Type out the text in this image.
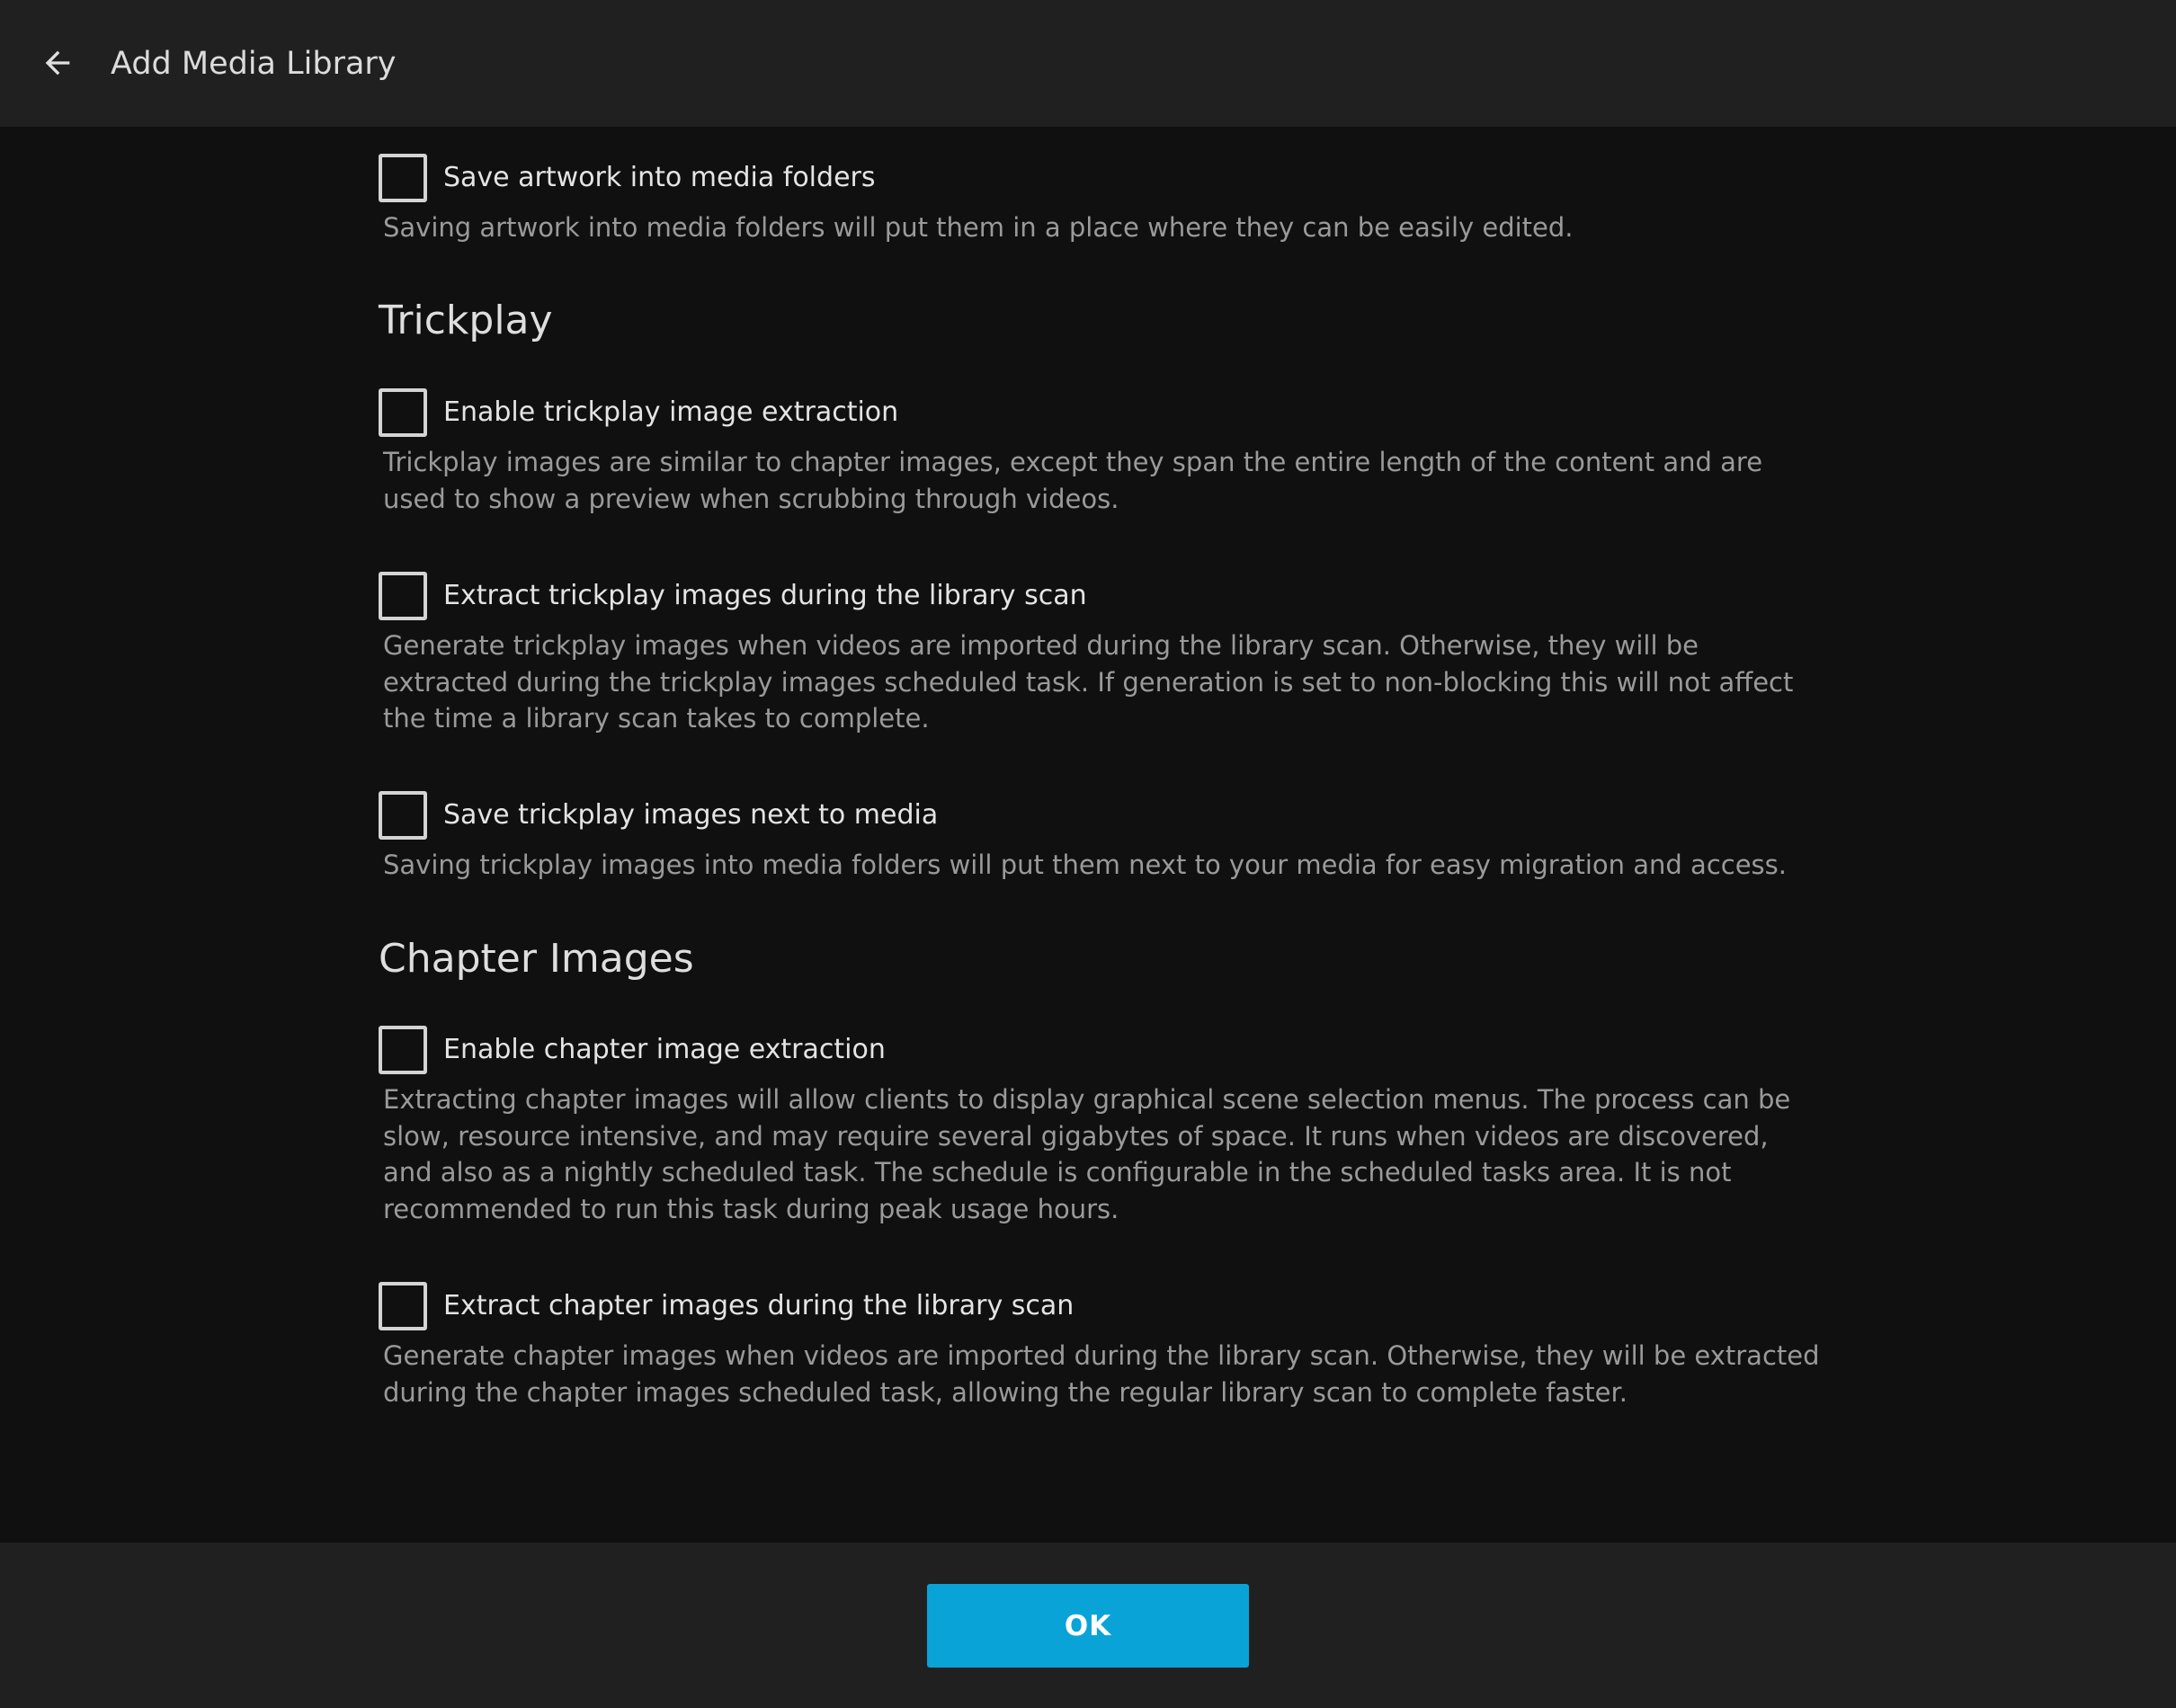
Add Media Library
Save artwork into media folders
Saving artwork into media folders will put them in a place where they can be easily edited.
Trickplay
Enable trickplay image extraction
Trickplay images are similar to chapter images, except they span the entire length of the content and are used to show a preview when scrubbing through videos.
Extract trickplay images during the library scan
Generate trickplay images when videos are imported during the library scan. Otherwise, they will be extracted during the trickplay images scheduled task. If generation is set to non-blocking this will not affect the time a library scan takes to complete.
Save trickplay images next to media
Saving trickplay images into media folders will put them next to your media for easy migration and access.
Chapter Images
Enable chapter image extraction
Extracting chapter images will allow clients to display graphical scene selection menus. The process can be slow, resource intensive, and may require several gigabytes of space. It runs when videos are discovered, and also as a nightly scheduled task. The schedule is configurable in the scheduled tasks area. It is not recommended to run this task during peak usage hours.
Extract chapter images during the library scan
Generate chapter images when videos are imported during the library scan. Otherwise, they will be extracted during the chapter images scheduled task, allowing the regular library scan to complete faster.
OK
